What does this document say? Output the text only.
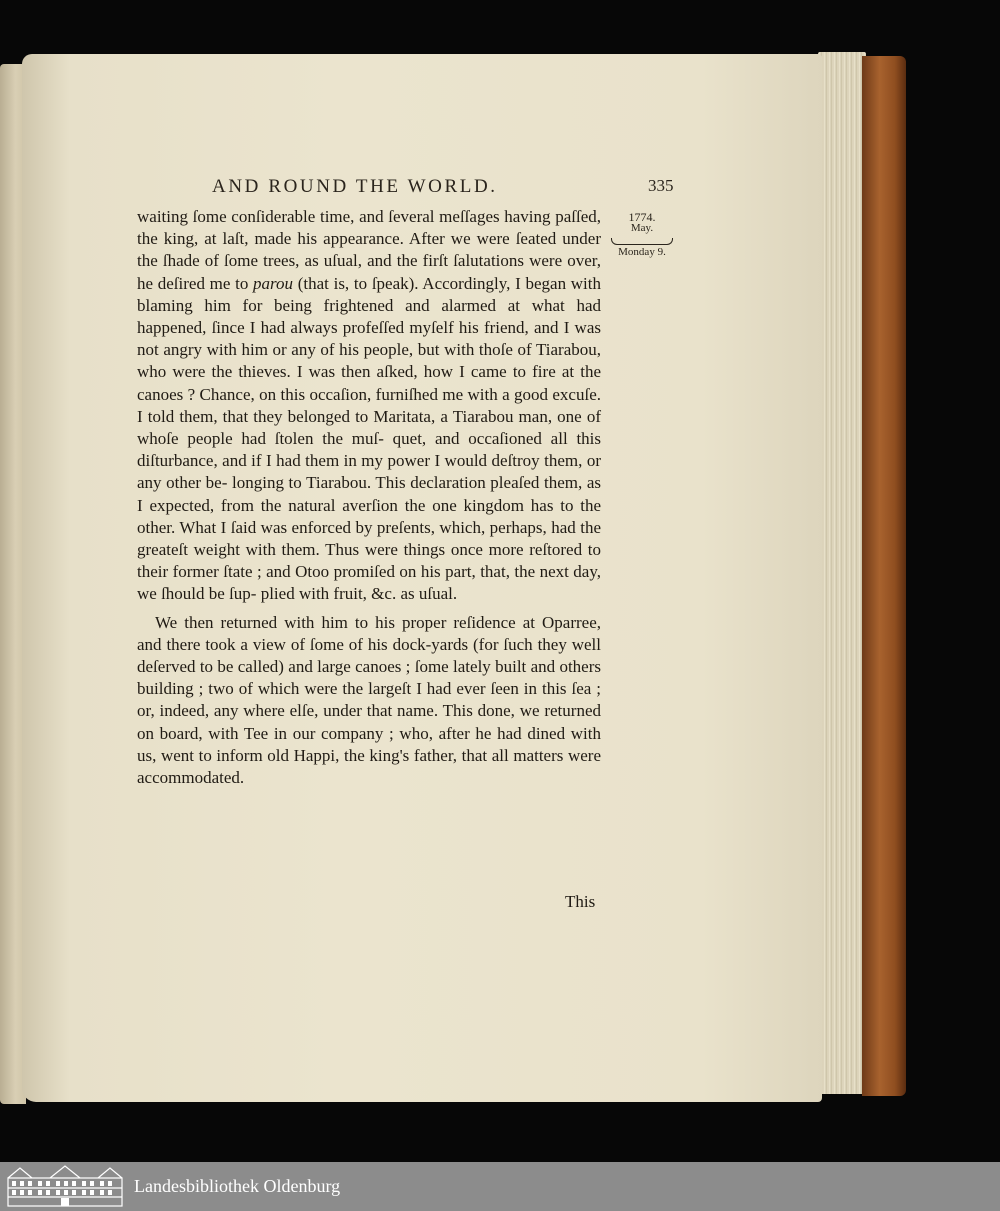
AND ROUND THE WORLD.	335
1774.
May.
Monday 9.

waiting ſome conſiderable time, and ſeveral meſſages having paſſed, the king, at laſt, made his appearance. After we were ſeated under the ſhade of ſome trees, as uſual, and the firſt ſalutations were over, he deſired me to parou (that is, to ſpeak). Accordingly, I began with blaming him for being frightened and alarmed at what had happened, ſince I had always profeſſed myſelf his friend, and I was not angry with him or any of his people, but with thoſe of Tiarabou, who were the thieves. I was then aſked, how I came to fire at the canoes ? Chance, on this occaſion, furniſhed me with a good excuſe. I told them, that they belonged to Maritata, a Tiarabou man, one of whoſe people had ſtolen the muſ- quet, and occaſioned all this diſturbance, and if I had them in my power I would deſtroy them, or any other be- longing to Tiarabou. This declaration pleaſed them, as I expected, from the natural averſion the one kingdom has to the other. What I ſaid was enforced by preſents, which, perhaps, had the greateſt weight with them. Thus were things once more reſtored to their former ſtate ; and Otoo promiſed on his part, that, the next day, we ſhould be ſup- plied with fruit, &c. as uſual.

We then returned with him to his proper reſidence at Oparree, and there took a view of ſome of his dock-yards (for ſuch they well deſerved to be called) and large canoes ; ſome lately built and others building ; two of which were the largeſt I had ever ſeen in this ſea ; or, indeed, any where elſe, under that name. This done, we returned on board, with Tee in our company ; who, after he had dined with us, went to inform old Happi, the king's father, that all matters were accommodated.

This
Landesbibliothek Oldenburg
